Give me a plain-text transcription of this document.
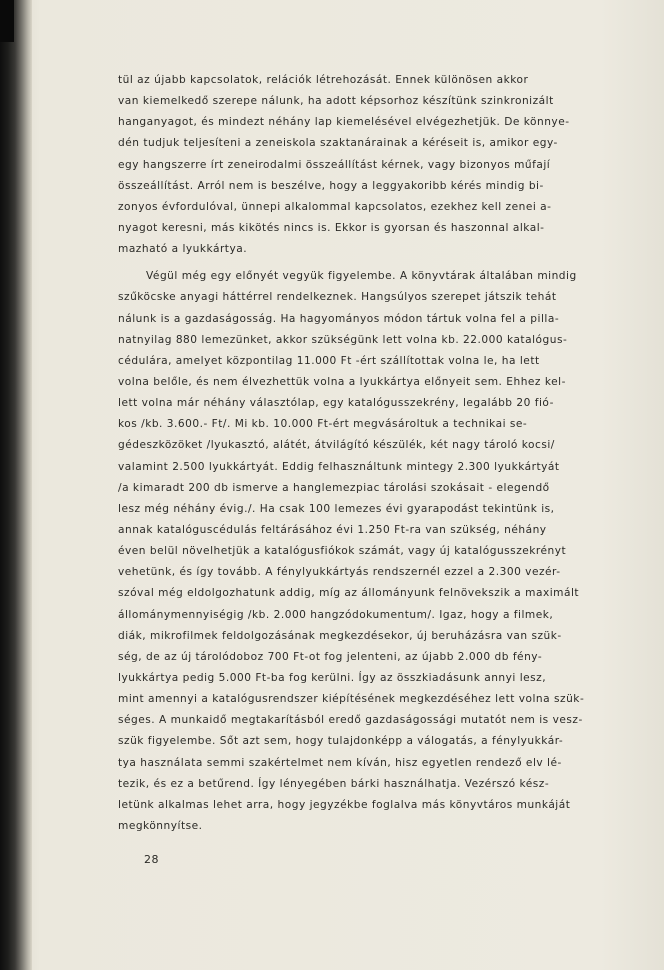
tül az újabb kapcsolatok, relációk létrehozását. Ennek különösen akkor
van kiemelkedő szerepe nálunk, ha adott képsorhoz készítünk szinkronizált
hanganyagot, és mindezt néhány lap kiemelésével elvégezhetjük. De könnye-
dén tudjuk teljesíteni a zeneiskola szaktanárainak a kéréseit is, amikor egy-
egy hangszerre írt zeneirodalmi összeállítást kérnek, vagy bizonyos műfají
összeállítást. Arról nem is beszélve, hogy a leggyakoribb kérés mindig bi-
zonyos évfordulóval, ünnepi alkalommal kapcsolatos, ezekhez kell zenei a-
nyagot keresni, más kikötés nincs is. Ekkor is gyorsan és haszonnal alkal-
mazható a lyukkártya.
Végül még egy előnyét vegyük figyelembe. A könyvtárak általában mindig
szűköcske anyagi háttérrel rendelkeznek. Hangsúlyos szerepet játszik tehát
nálunk is a gazdaságosság. Ha hagyományos módon tártuk volna fel a pilla-
natnyilag 880 lemezünket, akkor szükségünk lett volna kb. 22.000 katalógus-
cédulára, amelyet központilag 11.000 Ft -ért szállítottak volna le, ha lett
volna belőle, és nem élvezhettük volna a lyukkártya előnyeit sem. Ehhez kel-
lett volna már néhány választólap, egy katalógusszekrény, legalább 20 fió-
kos /kb. 3.600.- Ft/. Mi kb. 10.000 Ft-ért megvásároltuk a technikai se-
gédeszközöket /lyukasztó, alátét, átvilágító készülék, két nagy tároló kocsi/
valamint 2.500 lyukkártyát. Eddig felhasználtunk mintegy 2.300 lyukkártyát
/a kimaradt 200 db ismerve a hanglemezpiac tárolási szokásait - elegendő
lesz még néhány évig./. Ha csak 100 lemezes évi gyarapodást tekintünk is,
annak katalóguscédulás feltárásához évi 1.250 Ft-ra van szükség, néhány
éven belül növelhetjük a katalógusfiókok számát, vagy új katalógusszekrényt
vehetünk, és így tovább. A fénylyukkártyás rendszernél ezzel a 2.300 vezér-
szóval még eldolgozhatunk addig, míg az állományunk felnövekszik a maximált
állománymennyiségig /kb. 2.000 hangzódokumentum/. Igaz, hogy a filmek,
diák, mikrofilmek feldolgozásának megkezdésekor, új beruházásra van szük-
ség, de az új tárolódoboz 700 Ft-ot fog jelenteni, az újabb 2.000 db fény-
lyukkártya pedig 5.000 Ft-ba fog kerülni. Így az összkiadásunk annyi lesz,
mint amennyi a katalógusrendszer kiépítésének megkezdéséhez lett volna szük-
séges. A munkaidő megtakarításból eredő gazdaságossági mutatót nem is vesz-
szük figyelembe. Sőt azt sem, hogy tulajdonképp a válogatás, a fénylyukkár-
tya használata semmi szakértelmet nem kíván, hisz egyetlen rendező elv lé-
tezik, és ez a betűrend. Így lényegében bárki használhatja. Vezérszó kész-
letünk alkalmas lehet arra, hogy jegyzékbe foglalva más könyvtáros munkáját
megkönnyítse.
28
